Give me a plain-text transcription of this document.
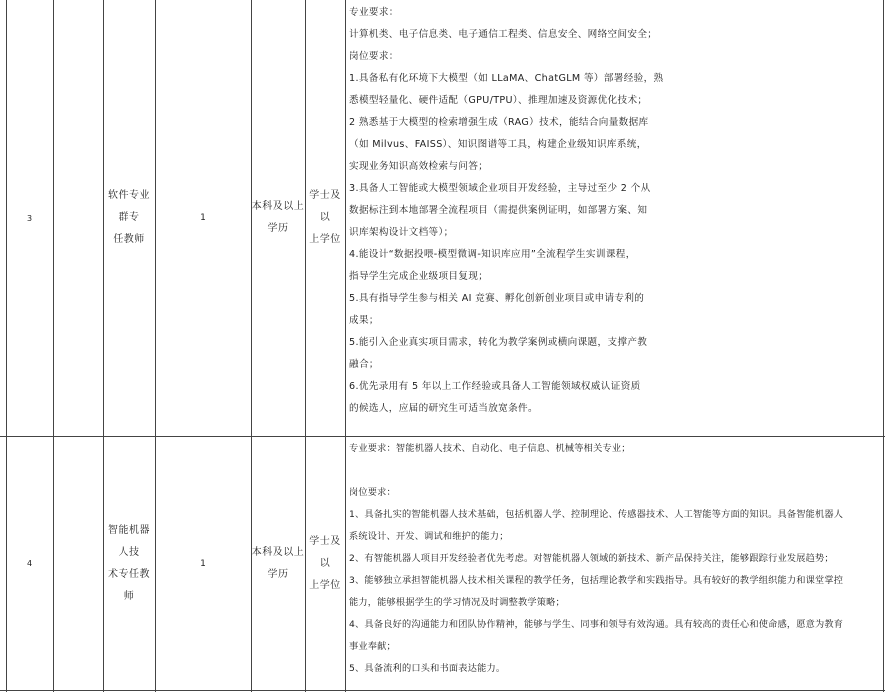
3
软件专业群专
任教师
1
本科及以上
学历
学士及以
上学位
专业要求：
计算机类、电子信息类、电子通信工程类、信息安全、网络空间安全；
岗位要求：
1.具备私有化环境下大模型（如 LLaMA、ChatGLM 等）部署经验，熟
悉模型轻量化、硬件适配（GPU/TPU）、推理加速及资源优化技术；
2 熟悉基于大模型的检索增强生成（RAG）技术，能结合向量数据库
（如 Milvus、FAISS）、知识图谱等工具，构建企业级知识库系统，
实现业务知识高效检索与问答；
3.具备人工智能或大模型领域企业项目开发经验，主导过至少 2 个从
数据标注到本地部署全流程项目（需提供案例证明，如部署方案、知
识库架构设计文档等）；
4.能设计“数据投喂-模型微调-知识库应用”全流程学生实训课程，
指导学生完成企业级项目复现；
5.具有指导学生参与相关 AI 竞赛、孵化创新创业项目或申请专利的
成果；
5.能引入企业真实项目需求，转化为教学案例或横向课题，支撑产教
融合；
6.优先录用有 5 年以上工作经验或具备人工智能领域权威认证资质
的候选人，应届的研究生可适当放宽条件。
4
智能机器人技
术专任教师
1
本科及以上
学历
学士及以
上学位
专业要求：智能机器人技术、自动化、电子信息、机械等相关专业；
岗位要求：
1、具备扎实的智能机器人技术基础，包括机器人学、控制理论、传感器技术、人工智能等方面的知识。具备智能机器人
系统设计、开发、调试和维护的能力；
2、有智能机器人项目开发经验者优先考虑。对智能机器人领域的新技术、新产品保持关注，能够跟踪行业发展趋势；
3、能够独立承担智能机器人技术相关课程的教学任务，包括理论教学和实践指导。具有较好的教学组织能力和课堂掌控
能力，能够根据学生的学习情况及时调整教学策略；
4、具备良好的沟通能力和团队协作精神，能够与学生、同事和领导有效沟通。具有较高的责任心和使命感，愿意为教育
事业奉献；
5、具备流利的口头和书面表达能力。
